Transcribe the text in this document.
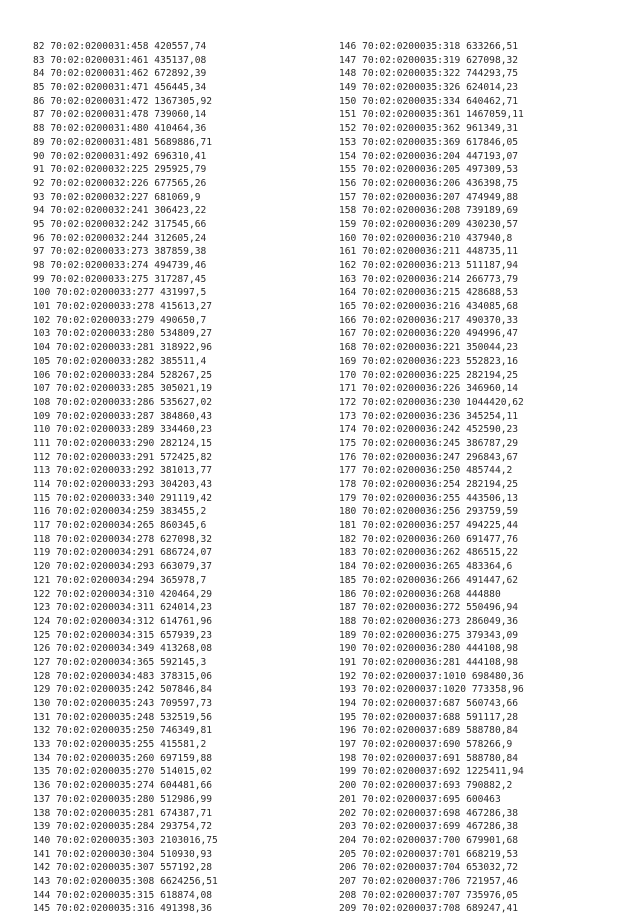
82 70:02:0200031:458 420557,74
83 70:02:0200031:461 435137,08
84 70:02:0200031:462 672892,39
85 70:02:0200031:471 456445,34
86 70:02:0200031:472 1367305,92
87 70:02:0200031:478 739060,14
88 70:02:0200031:480 410464,36
89 70:02:0200031:481 5689886,71
90 70:02:0200031:492 696310,41
91 70:02:0200032:225 295925,79
92 70:02:0200032:226 677565,26
93 70:02:0200032:227 681069,9
94 70:02:0200032:241 306423,22
95 70:02:0200032:242 317545,66
96 70:02:0200032:244 312605,24
97 70:02:0200033:273 387859,38
98 70:02:0200033:274 494739,46
99 70:02:0200033:275 317287,45
100 70:02:0200033:277 431997,5
101 70:02:0200033:278 415613,27
102 70:02:0200033:279 490650,7
103 70:02:0200033:280 534809,27
104 70:02:0200033:281 318922,96
105 70:02:0200033:282 385511,4
106 70:02:0200033:284 528267,25
107 70:02:0200033:285 305021,19
108 70:02:0200033:286 535627,02
109 70:02:0200033:287 384860,43
110 70:02:0200033:289 334460,23
111 70:02:0200033:290 282124,15
112 70:02:0200033:291 572425,82
113 70:02:0200033:292 381013,77
114 70:02:0200033:293 304203,43
115 70:02:0200033:340 291119,42
116 70:02:0200034:259 383455,2
117 70:02:0200034:265 860345,6
118 70:02:0200034:278 627098,32
119 70:02:0200034:291 686724,07
120 70:02:0200034:293 663079,37
121 70:02:0200034:294 365978,7
122 70:02:0200034:310 420464,29
123 70:02:0200034:311 624014,23
124 70:02:0200034:312 614761,96
125 70:02:0200034:315 657939,23
126 70:02:0200034:349 413268,08
127 70:02:0200034:365 592145,3
128 70:02:0200034:483 378315,06
129 70:02:0200035:242 507846,84
130 70:02:0200035:243 709597,73
131 70:02:0200035:248 532519,56
132 70:02:0200035:250 746349,81
133 70:02:0200035:255 415581,2
134 70:02:0200035:260 697159,88
135 70:02:0200035:270 514015,02
136 70:02:0200035:274 604481,66
137 70:02:0200035:280 512986,99
138 70:02:0200035:281 674387,71
139 70:02:0200035:284 293754,72
140 70:02:0200035:303 2103016,75
141 70:02:0200030:304 510930,93
142 70:02:0200035:307 557192,28
143 70:02:0200035:308 6624256,51
144 70:02:0200035:315 618874,08
145 70:02:0200035:316 491398,36
146 70:02:0200035:318 633266,51
147 70:02:0200035:319 627098,32
148 70:02:0200035:322 744293,75
149 70:02:0200035:326 624014,23
150 70:02:0200035:334 640462,71
151 70:02:0200035:361 1467059,11
152 70:02:0200035:362 961349,31
153 70:02:0200035:369 617846,05
154 70:02:0200036:204 447193,07
155 70:02:0200036:205 497309,53
156 70:02:0200036:206 436398,75
157 70:02:0200036:207 474949,88
158 70:02:0200036:208 739189,69
159 70:02:0200036:209 430230,57
160 70:02:0200036:210 437940,8
161 70:02:0200036:211 448735,11
162 70:02:0200036:213 511187,94
163 70:02:0200036:214 266773,79
164 70:02:0200036:215 428688,53
165 70:02:0200036:216 434085,68
166 70:02:0200036:217 490370,33
167 70:02:0200036:220 494996,47
168 70:02:0200036:221 350044,23
169 70:02:0200036:223 552823,16
170 70:02:0200036:225 282194,25
171 70:02:0200036:226 346960,14
172 70:02:0200036:230 1044420,62
173 70:02:0200036:236 345254,11
174 70:02:0200036:242 452590,23
175 70:02:0200036:245 386787,29
176 70:02:0200036:247 296843,67
177 70:02:0200036:250 485744,2
178 70:02:0200036:254 282194,25
179 70:02:0200036:255 443506,13
180 70:02:0200036:256 293759,59
181 70:02:0200036:257 494225,44
182 70:02:0200036:260 691477,76
183 70:02:0200036:262 486515,22
184 70:02:0200036:265 483364,6
185 70:02:0200036:266 491447,62
186 70:02:0200036:268 444880
187 70:02:0200036:272 550496,94
188 70:02:0200036:273 286049,36
189 70:02:0200036:275 379343,09
190 70:02:0200036:280 444108,98
191 70:02:0200036:281 444108,98
192 70:02:0200037:1010 698480,36
193 70:02:0200037:1020 773358,96
194 70:02:0200037:687 560743,66
195 70:02:0200037:688 591117,28
196 70:02:0200037:689 588780,84
197 70:02:0200037:690 578266,9
198 70:02:0200037:691 588780,84
199 70:02:0200037:692 1225411,94
200 70:02:0200037:693 790882,2
201 70:02:0200037:695 600463
202 70:02:0200037:698 467286,38
203 70:02:0200037:699 467286,38
204 70:02:0200037:700 679901,68
205 70:02:0200037:701 668219,53
206 70:02:0200037:704 653032,72
207 70:02:0200037:706 721957,46
208 70:02:0200037:707 735976,05
209 70:02:0200037:708 689247,41
